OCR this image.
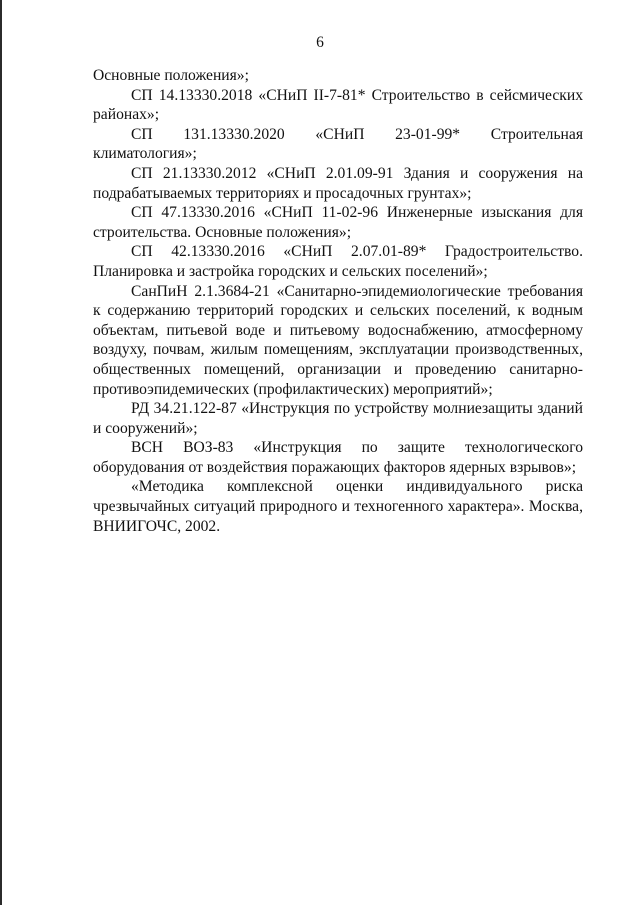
6

Основные положения»;

СП 14.13330.2018 «СНиП II-7-81* Строительство в сейсмических районах»;

СП 131.13330.2020 «СНиП 23-01-99* Строительная климатология»;

СП 21.13330.2012 «СНиП 2.01.09-91 Здания и сооружения на подрабатываемых территориях и просадочных грунтах»;

СП 47.13330.2016 «СНиП 11-02-96 Инженерные изыскания для строительства. Основные положения»;

СП 42.13330.2016 «СНиП 2.07.01-89* Градостроительство. Планировка и застройка городских и сельских поселений»;

СанПиН 2.1.3684-21 «Санитарно-эпидемиологические требования к содержанию территорий городских и сельских поселений, к водным объектам, питьевой воде и питьевому водоснабжению, атмосферному воздуху, почвам, жилым помещениям, эксплуатации производственных, общественных помещений, организации и проведению санитарно-противоэпидемических (профилактических) мероприятий»;

РД 34.21.122-87 «Инструкция по устройству молниезащиты зданий и сооружений»;

ВСН ВОЗ-83 «Инструкция по защите технологического оборудования от воздействия поражающих факторов ядерных взрывов»;

«Методика комплексной оценки индивидуального риска чрезвычайных ситуаций природного и техногенного характера». Москва, ВНИИГОЧС, 2002.
